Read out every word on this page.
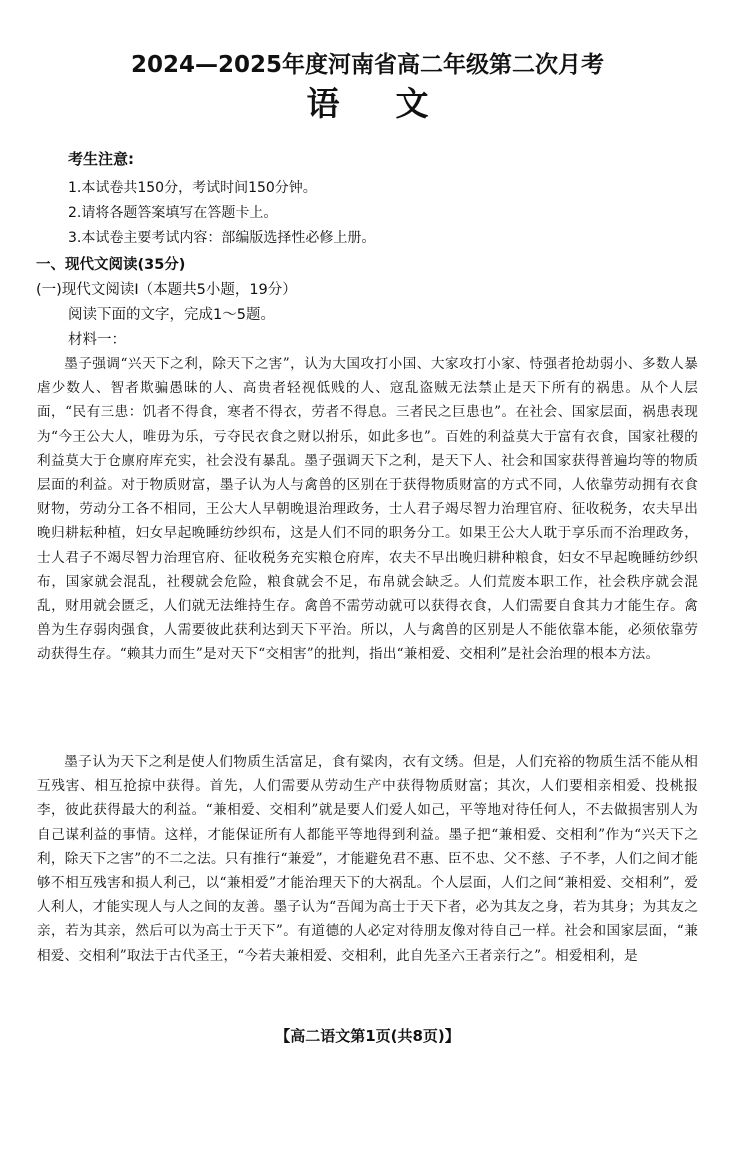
2024—2025年度河南省高二年级第二次月考
语文
考生注意:
1.本试卷共150分，考试时间150分钟。
2.请将各题答案填写在答题卡上。
3.本试卷主要考试内容：部编版选择性必修上册。
一、现代文阅读(35分)
(一)现代文阅读I（本题共5小题，19分）
阅读下面的文字，完成1～5题。
材料一：
墨子强调“兴天下之利，除天下之害”，认为大国攻打小国、大家攻打小家、恃强者抢劫弱小、多数人暴虐少数人、智者欺骗愚昧的人、高贵者轻视低贱的人、寇乱盗贼无法禁止是天下所有的祸患。从个人层面，“民有三患：饥者不得食，寒者不得衣，劳者不得息。三者民之巨患也”。在社会、国家层面，祸患表现为“今王公大人，唯毋为乐，亏夺民衣食之财以拊乐，如此多也”。百姓的利益莫大于富有衣食，国家社稷的利益莫大于仓廪府库充实，社会没有暴乱。墨子强调天下之利，是天下人、社会和国家获得普遍均等的物质层面的利益。对于物质财富，墨子认为人与禽兽的区别在于获得物质财富的方式不同，人依靠劳动拥有衣食财物，劳动分工各不相同，王公大人早朝晚退治理政务，士人君子竭尽智力治理官府、征收税务，农夫早出晚归耕耘种植，妇女早起晚睡纺纱织布，这是人们不同的职务分工。如果王公大人耽于享乐而不治理政务，士人君子不竭尽智力治理官府、征收税务充实粮仓府库，农夫不早出晚归耕种粮食，妇女不早起晚睡纺纱织布，国家就会混乱，社稷就会危险，粮食就会不足，布帛就会缺乏。人们荒废本职工作，社会秩序就会混乱，财用就会匮乏，人们就无法维持生存。禽兽不需劳动就可以获得衣食，人们需要自食其力才能生存。禽兽为生存弱肉强食，人需要彼此获利达到天下平治。所以，人与禽兽的区别是人不能依靠本能，必须依靠劳动获得生存。“赖其力而生”是对天下“交相害”的批判，指出“兼相爱、交相利”是社会治理的根本方法。
墨子认为天下之利是使人们物质生活富足，食有粱肉，衣有文绣。但是，人们充裕的物质生活不能从相互残害、相互抢掠中获得。首先，人们需要从劳动生产中获得物质财富；其次，人们要相亲相爱、投桃报李，彼此获得最大的利益。“兼相爱、交相利”就是要人们爱人如己，平等地对待任何人，不去做损害别人为自己谋利益的事情。这样，才能保证所有人都能平等地得到利益。墨子把“兼相爱、交相利”作为“兴天下之利，除天下之害”的不二之法。只有推行“兼爱”，才能避免君不惠、臣不忠、父不慈、子不孝，人们之间才能够不相互残害和损人利己，以“兼相爱”才能治理天下的大祸乱。个人层面，人们之间“兼相爱、交相利”，爱人利人，才能实现人与人之间的友善。墨子认为“吾闻为高士于天下者，必为其友之身，若为其身；为其友之亲，若为其亲，然后可以为高士于天下”。有道德的人必定对待朋友像对待自己一样。社会和国家层面，“兼相爱、交相利”取法于古代圣王，“今若夫兼相爱、交相利，此自先圣六王者亲行之”。相爱相利，是
【高二语文第1页(共8页)】
